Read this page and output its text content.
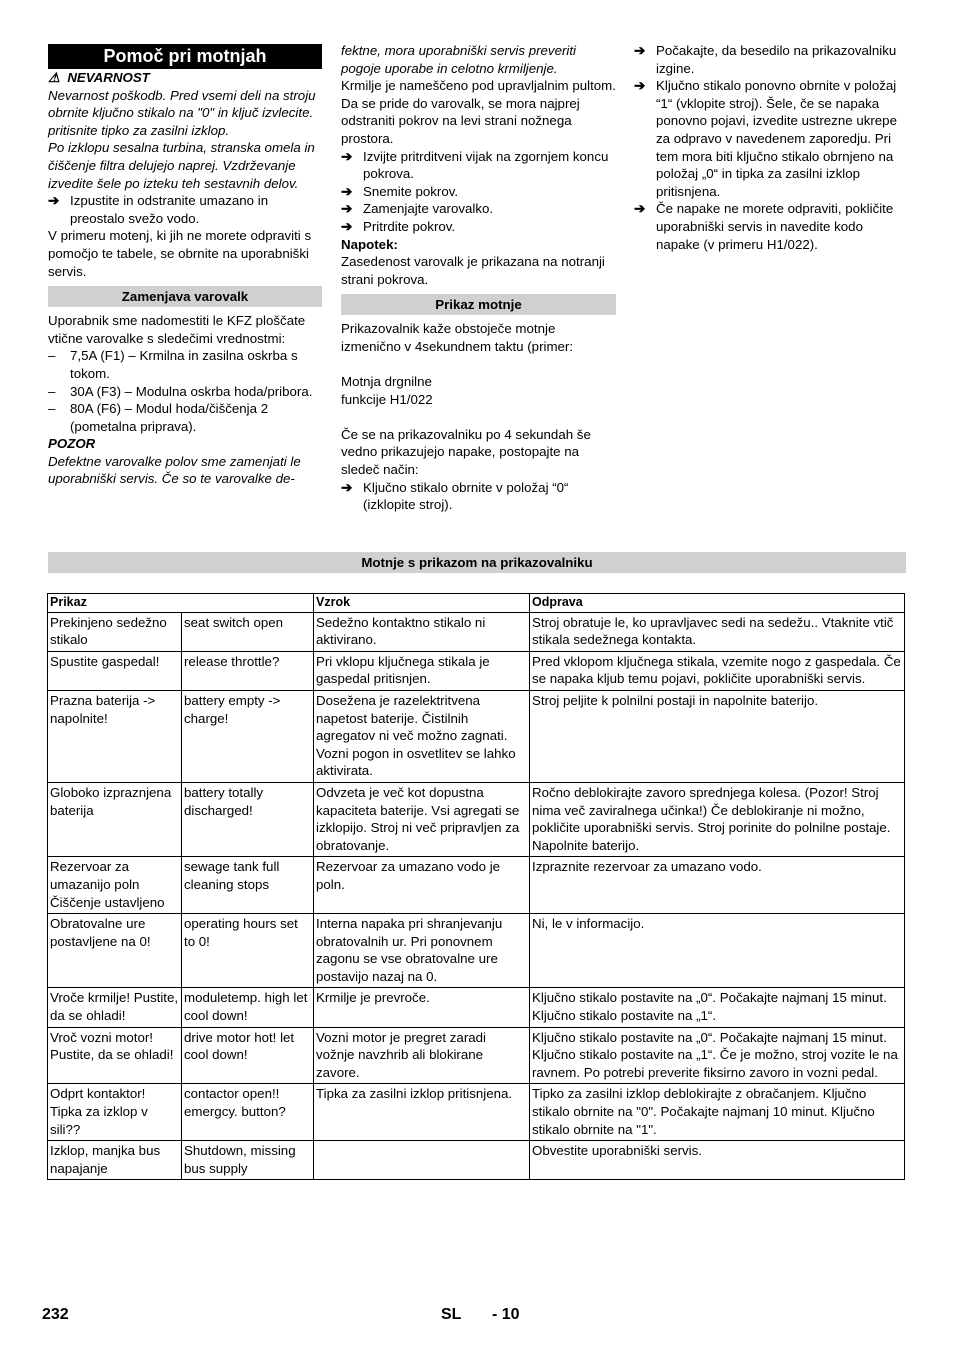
Pomoč pri motnjah
⚠ NEVARNOST
Nevarnost poškodb. Pred vsemi deli na stroju obrnite ključno stikalo na "0" in ključ izvlecite. pritisnite tipko za zasilni izklop.
Po izklopu sesalna turbina, stranska omela in čiščenje filtra delujejo naprej. Vzdrževanje izvedite šele po izteku teh sestavnih delov.
➔ Izpustite in odstranite umazano in preostalo svežo vodo.
V primeru motenj, ki jih ne morete odpraviti s pomočjo te tabele, se obrnite na uporabniški servis.
Zamenjava varovalk
Uporabnik sme nadomestiti le KFZ ploščate vtične varovalke s sledečimi vrednostmi:
–	7,5A (F1) – Krmilna in zasilna oskrba s tokom.
–	30A (F3) – Modulna oskrba hoda/pribora.
–	80A (F6) – Modul hoda/čiščenja 2 (pometalna priprava).
POZOR
Defektne varovalke polov sme zamenjati le uporabniški servis. Če so te varovalke de-
fektne, mora uporabniški servis preveriti pogoje uporabe in celotno krmiljenje.
Krmilje je nameščeno pod upravljalnim pultom. Da se pride do varovalk, se mora najprej odstraniti pokrov na levi strani nožnega prostora.
➔ Izvijte pritrditveni vijak na zgornjem koncu pokrova.
➔ Snemite pokrov.
➔ Zamenjajte varovalko.
➔ Pritrdite pokrov.
Napotek:
Zasedenost varovalk je prikazana na notranji strani pokrova.
Prikaz motnje
Prikazovalnik kaže obstoječe motnje izmenično v 4sekundnem taktu (primer:
Motnja drgnilne
funkcije H1/022
Če se na prikazovalniku po 4 sekundah še vedno prikazujejo napake, postopajte na sledeč način:
➔ Ključno stikalo obrnite v položaj “0“ (izklopite stroj).
➔ Počakajte, da besedilo na prikazovalniku izgine.
➔ Ključno stikalo ponovno obrnite v položaj “1“ (vklopite stroj). Šele, če se napaka ponovno pojavi, izvedite ustrezne ukrepe za odpravo v navedenem zaporedju. Pri tem mora biti ključno stikalo obrnjeno na položaj „0“ in tipka za zasilni izklop pritisnjena.
➔ Če napake ne morete odpraviti, pokličite uporabniški servis in navedite kodo napake (v primeru H1/022).
Motnje s prikazom na prikazovalniku
Prikaz		Vzrok	Odprava
Prekinjeno sedežno stikalo	seat switch open	Sedežno kontaktno stikalo ni aktivirano.	Stroj obratuje le, ko upravljavec sedi na sedežu.. Vtaknite vtič stikala sedežnega kontakta.
Spustite gaspedal!	release throttle?	Pri vklopu ključnega stikala je gaspedal pritisnjen.	Pred vklopom ključnega stikala, vzemite nogo z gaspedala. Če se napaka kljub temu pojavi, pokličite uporabniški servis.
Prazna baterija -> napolnite!	battery empty -> charge!	Dosežena je razelektritvena napetost baterije. Čistilnih agregatov ni več možno zagnati. Vozni pogon in osvetlitev se lahko aktivirata.	Stroj peljite k polnilni postaji in napolnite baterijo.
Globoko izpraznjena baterija	battery totally discharged!	Odvzeta je več kot dopustna kapaciteta baterije. Vsi agregati se izklopijo. Stroj ni več pripravljen za obratovanje.	Ročno deblokirajte zavoro sprednjega kolesa. (Pozor! Stroj nima več zaviralnega učinka!) Če deblokiranje ni možno, pokličite uporabniški servis. Stroj porinite do polnilne postaje. Napolnite baterijo.
Rezervoar za umazanijo poln Čiščenje ustavljeno	sewage tank full cleaning stops	Rezervoar za umazano vodo je poln.	Izpraznite rezervoar za umazano vodo.
Obratovalne ure postavljene na 0!	operating hours set to 0!	Interna napaka pri shranjevanju obratovalnih ur. Pri ponovnem zagonu se vse obratovalne ure postavijo nazaj na 0.	Ni, le v informacijo.
Vroče krmilje! Pustite, da se ohladi!	moduletemp. high let cool down!	Krmilje je prevroče.	Ključno stikalo postavite na „0“. Počakajte najmanj 15 minut. Ključno stikalo postavite na „1“.
Vroč vozni motor! Pustite, da se ohladi!	drive motor hot! let cool down!	Vozni motor je pregret zaradi vožnje navzhrib ali blokirane zavore.	Ključno stikalo postavite na „0“. Počakajte najmanj 15 minut. Ključno stikalo postavite na „1“. Če je možno, stroj vozite le na ravnem. Po potrebi preverite fiksirno zavoro in vozni pedal.
Odprt kontaktor! Tipka za izklop v sili??	contactor open!! emergcy. button?	Tipka za zasilni izklop pritisnjena.	Tipko za zasilni izklop deblokirajte z obračanjem. Ključno stikalo obrnite na "0". Počakajte najmanj 10 minut. Ključno stikalo obrnite na "1".
Izklop, manjka bus napajanje	Shutdown, missing bus supply		Obvestite uporabniški servis.
232	SL - 10
